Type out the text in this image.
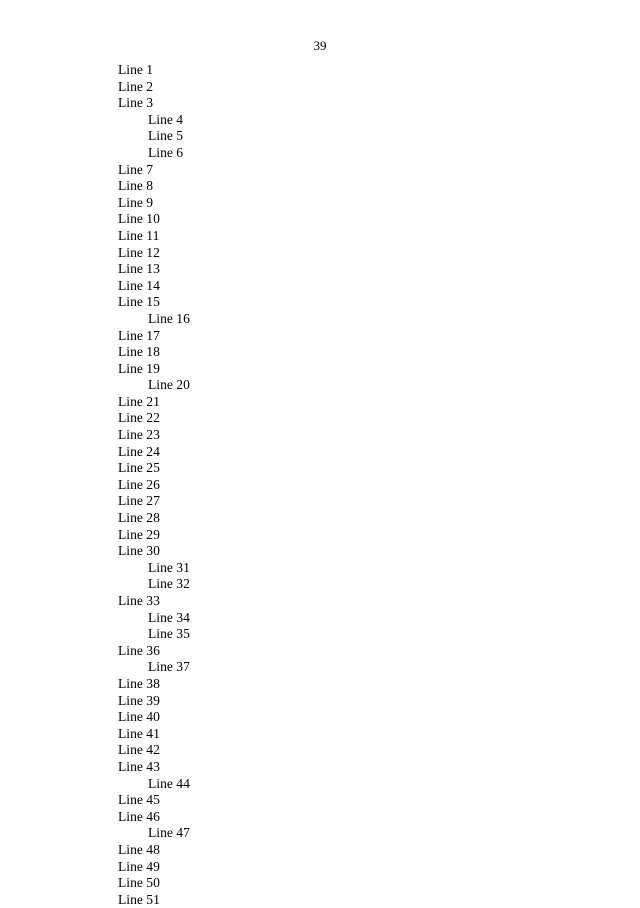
39
Line 1
Line 2
Line 3
Line 4
Line 5
Line 6
Line 7
Line 8
Line 9
Line 10
Line 11
Line 12
Line 13
Line 14
Line 15
Line 16
Line 17
Line 18
Line 19
Line 20
Line 21
Line 22
Line 23
Line 24
Line 25
Line 26
Line 27
Line 28
Line 29
Line 30
Line 31
Line 32
Line 33
Line 34
Line 35
Line 36
Line 37
Line 38
Line 39
Line 40
Line 41
Line 42
Line 43
Line 44
Line 45
Line 46
Line 47
Line 48
Line 49
Line 50
Line 51
